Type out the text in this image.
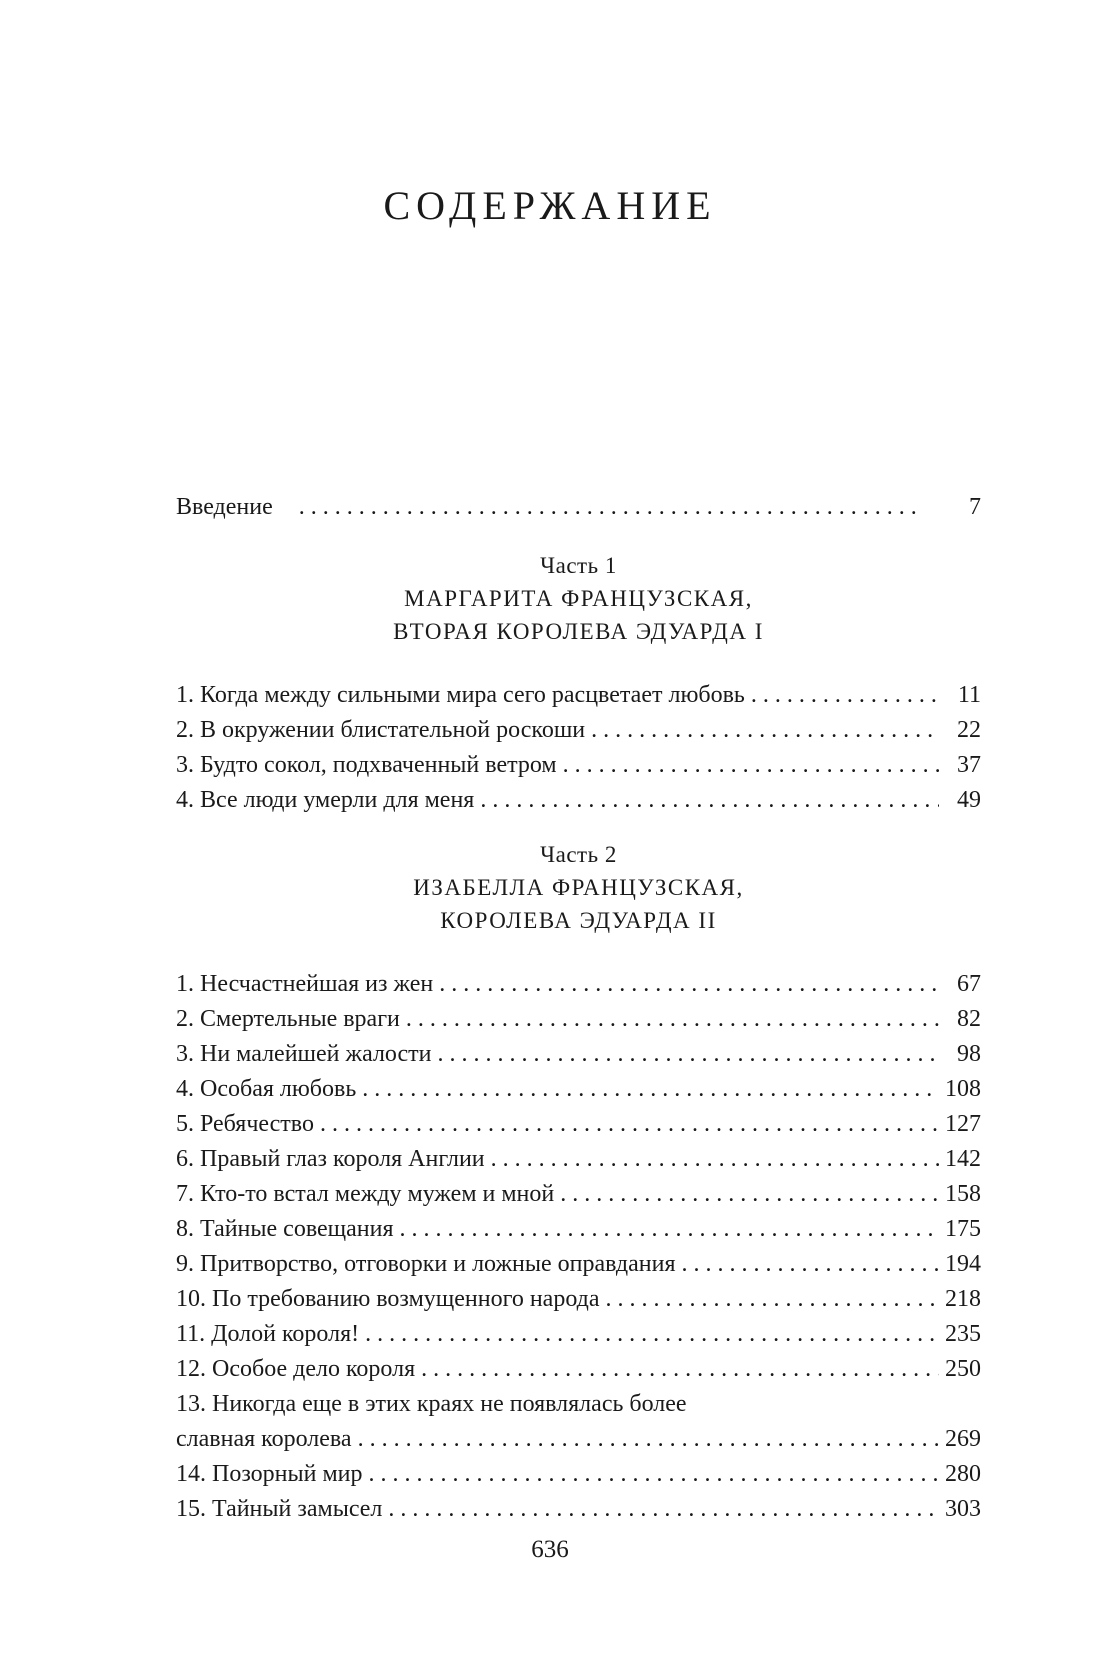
СОДЕРЖАНИЕ
Введение . . .	7
Часть 1
МАРГАРИТА ФРАНЦУЗСКАЯ,
ВТОРАЯ КОРОЛЕВА ЭДУАРДА I
1. Когда между сильными мира сего расцветает любовь . . .	11
2. В окружении блистательной роскоши . . .	22
3. Будто сокол, подхваченный ветром . . .	37
4. Все люди умерли для меня . . .	49
Часть 2
ИЗАБЕЛЛА ФРАНЦУЗСКАЯ,
КОРОЛЕВА ЭДУАРДА II
1. Несчастнейшая из жен . . .	67
2. Смертельные враги . . .	82
3. Ни малейшей жалости . . .	98
4. Особая любовь . . .	108
5. Ребячество . . .	127
6. Правый глаз короля Англии . . .	142
7. Кто-то встал между мужем и мной . . .	158
8. Тайные совещания . . .	175
9. Притворство, отговорки и ложные оправдания . . .	194
10. По требованию возмущенного народа . . .	218
11. Долой короля! . . .	235
12. Особое дело короля . . .	250
13. Никогда еще в этих краях не появлялась более
славная королева . . .	269
14. Позорный мир . . .	280
15. Тайный замысел . . .	303
636
